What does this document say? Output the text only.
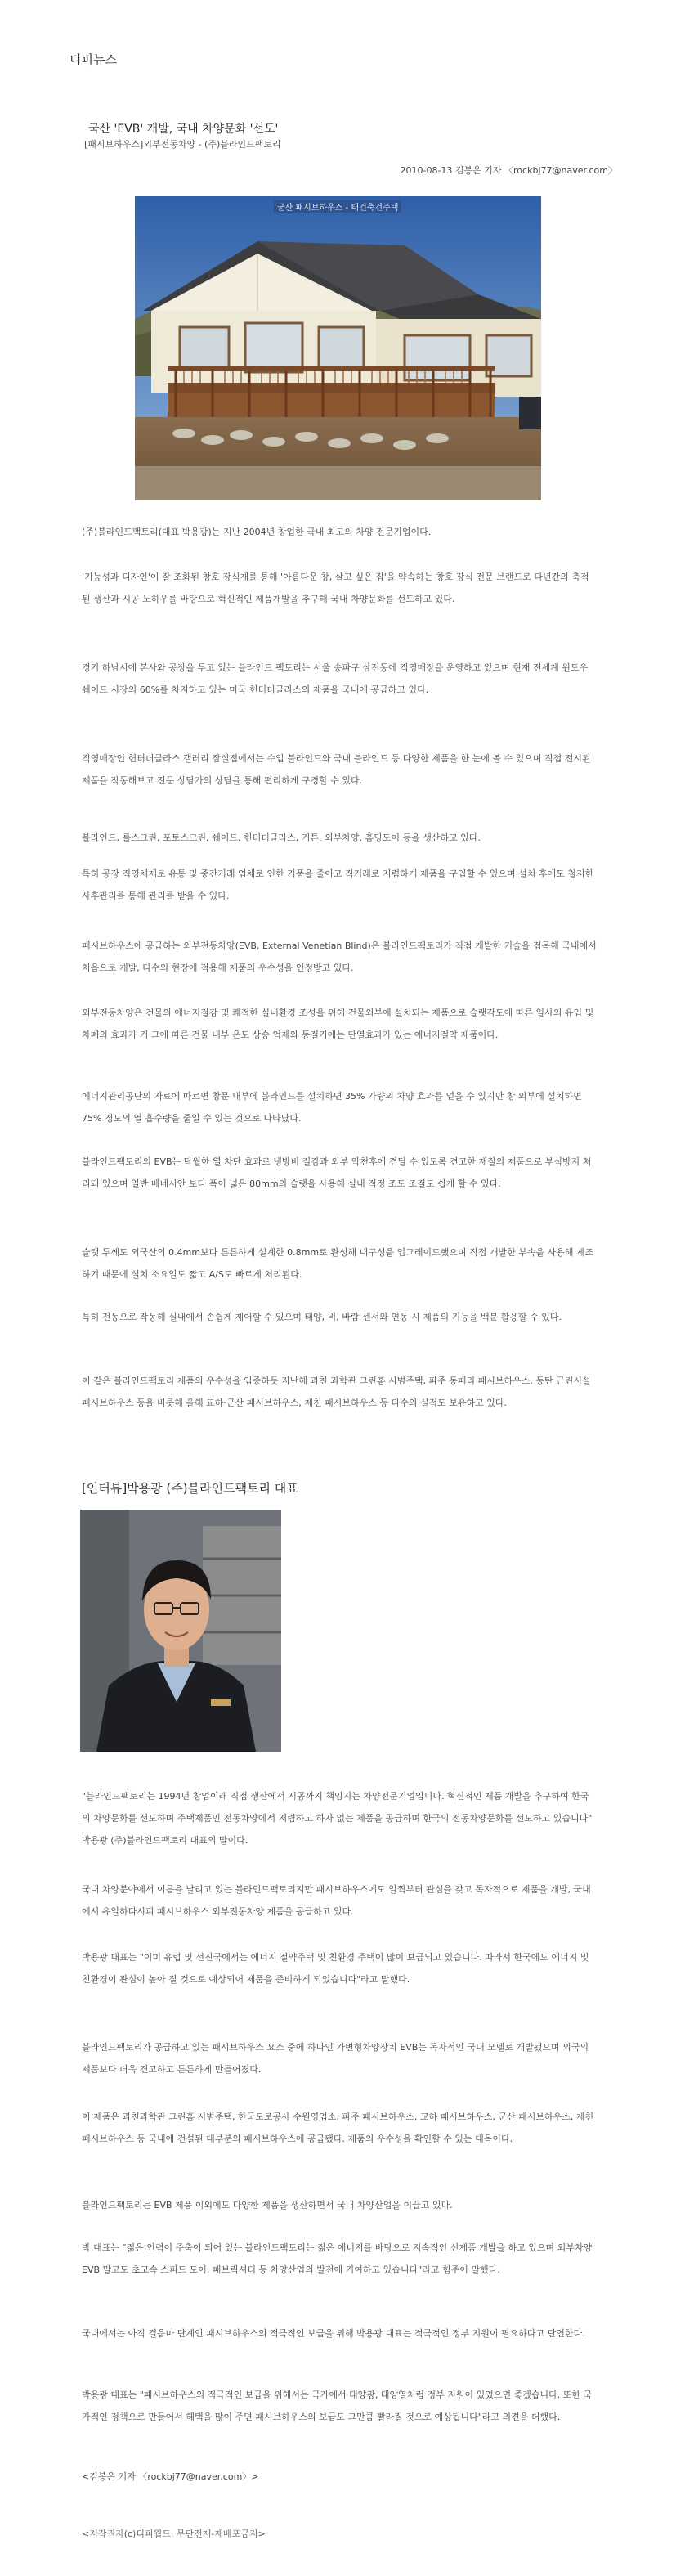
디피뉴스
국산 'EVB' 개발, 국내 차양문화 '선도'
[패시브하우스]외부전동차양 - (주)블라인드팩토리
2010-08-13 김봉은 기자 〈rockbj77@naver.com〉
군산 패시브하우스 - 태건축건주택

(주)블라인드팩토리(대표 박용광)는 지난 2004년 창업한 국내 최고의 차양 전문기업이다.

'기능성과 디자인'이 잘 조화된 창호 장식재를 통해 '아름다운 창, 살고 싶은 집'을 약속하는 창호 장식 전문 브랜드로 다년간의 축적된 생산과 시공 노하우를 바탕으로 혁신적인 제품개발을 추구해 국내 차양문화를 선도하고 있다.

경기 하남시에 본사와 공장을 두고 있는 블라인드 팩토리는 서울 송파구 삼전동에 직영매장을 운영하고 있으며 현재 전세계 윈도우 쉐이드 시장의 60%를 차지하고 있는 미국 헌터더글라스의 제품을 국내에 공급하고 있다.

직영매장인 헌터더글라스 갤러리 잠실점에서는 수입 블라인드와 국내 블라인드 등 다양한 제품을 한 눈에 볼 수 있으며 직접 전시된 제품을 작동해보고 전문 상담가의 상담을 통해 편리하게 구경할 수 있다.

블라인드, 롤스크린, 포토스크린, 쉐이드, 헌터더글라스, 커튼, 외부차양, 홈딩도어 등을 생산하고 있다.

특히 공장 직영체제로 유통 및 중간거래 업체로 인한 거품을 줄이고 직거래로 저렴하게 제품을 구입할 수 있으며 설치 후에도 철저한 사후관리를 통해 관리를 받을 수 있다.

패시브하우스에 공급하는 외부전동차양(EVB, External Venetian Blind)은 블라인드팩토리가 직접 개발한 기술을 접목해 국내에서 처음으로 개발, 다수의 현장에 적용해 제품의 우수성을 인정받고 있다.

외부전동차양은 건물의 에너지절감 및 쾌적한 실내환경 조성을 위해 건물외부에 설치되는 제품으로 슬랫각도에 따른 일사의 유입 및 차폐의 효과가 커 그에 따른 건물 내부 온도 상승 억제와 동절기에는 단열효과가 있는 에너지절약 제품이다.

에너지관리공단의 자료에 따르면 창문 내부에 블라인드를 설치하면 35% 가량의 차양 효과를 얻을 수 있지만 창 외부에 설치하면 75% 정도의 열 흡수량을 줄일 수 있는 것으로 나타났다.

블라인드팩토리의 EVB는 탁월한 열 차단 효과로 냉방비 절감과 외부 악천후에 견딜 수 있도록 견고한 재질의 제품으로 부식방지 처리돼 있으며 일반 베네시안 보다 폭이 넓은 80mm의 슬랫을 사용해 실내 적정 조도 조절도 쉽게 할 수 있다.

슬랫 두께도 외국산의 0.4mm보다 튼튼하게 설계한 0.8mm로 완성해 내구성을 업그레이드했으며 직접 개발한 부속을 사용해 제조하기 때문에 설치 소요일도 짧고 A/S도 빠르게 처리된다.

특히 전동으로 작동해 실내에서 손쉽게 제어할 수 있으며 태양, 비, 바람 센서와 연동 시 제품의 기능을 백분 활용할 수 있다.

이 같은 블라인드팩토리 제품의 우수성을 입증하듯 지난해 과천 과학관 그린홈 시범주택, 파주 동패리 패시브하우스, 동탄 근린시설 패시브하우스 등을 비롯해 올해 교하·군산 패시브하우스, 제천 패시브하우스 등 다수의 실적도 보유하고 있다.

[인터뷰]박용광 (주)블라인드팩토리 대표

"블라인드팩토리는 1994년 창업이래 직접 생산에서 시공까지 책임지는 차양전문기업입니다. 혁신적인 제품 개발을 추구하여 한국의 차양문화를 선도하며 주택제품인 전동차양에서 저렴하고 하자 없는 제품을 공급하며 한국의 전동차양문화를 선도하고 있습니다" 박용광 (주)블라인드팩토리 대표의 말이다.

국내 차양분야에서 이름을 날리고 있는 블라인드팩토리지만 패시브하우스에도 일찍부터 관심을 갖고 독자적으로 제품을 개발, 국내에서 유일하다시피 패시브하우스 외부전동차양 제품을 공급하고 있다.

박용광 대표는 "이미 유럽 및 선진국에서는 에너지 절약주택 및 친환경 주택이 많이 보급되고 있습니다. 따라서 한국에도 에너지 및 친환경이 관심이 높아 질 것으로 예상되어 제품을 준비하게 되었습니다"라고 말했다.

블라인드팩토리가 공급하고 있는 패시브하우스 요소 중에 하나인 가변형차양장치 EVB는 독자적인 국내 모델로 개발됐으며 외국의 제품보다 더욱 견고하고 튼튼하게 만들어졌다.

이 제품은 과천과학관 그린홈 시범주택, 한국도로공사 수원영업소, 파주 패시브하우스, 교하 패시브하우스, 군산 패시브하우스, 제천 패시브하우스 등 국내에 건설된 대부분의 패시브하우스에 공급됐다. 제품의 우수성을 확인할 수 있는 대목이다.

블라인드팩토리는 EVB 제품 이외에도 다양한 제품을 생산하면서 국내 차양산업을 이끌고 있다.

박 대표는 "젊은 인력이 주축이 되어 있는 블라인드팩토리는 젊은 에너지를 바탕으로 지속적인 신제품 개발을 하고 있으며 외부차양 EVB 말고도 초고속 스피드 도어, 패브릭셔터 등 차양산업의 발전에 기여하고 있습니다"라고 힘주어 말했다.

국내에서는 아직 걸음마 단계인 패시브하우스의 적극적인 보급을 위해 박용광 대표는 적극적인 정부 지원이 필요하다고 단언한다.

박용광 대표는 "패시브하우스의 적극적인 보급을 위해서는 국가에서 태양광, 태양열처럼 정부 지원이 있었으면 좋겠습니다. 또한 국가적인 정책으로 만들어서 혜택을 많이 주면 패시브하우스의 보급도 그만큼 빨라질 것으로 예상됩니다"라고 의견을 더했다.

<김봉은 기자 〈rockbj77@naver.com〉>

<저작권자(c)디피월드, 무단전재-재배포금지>
